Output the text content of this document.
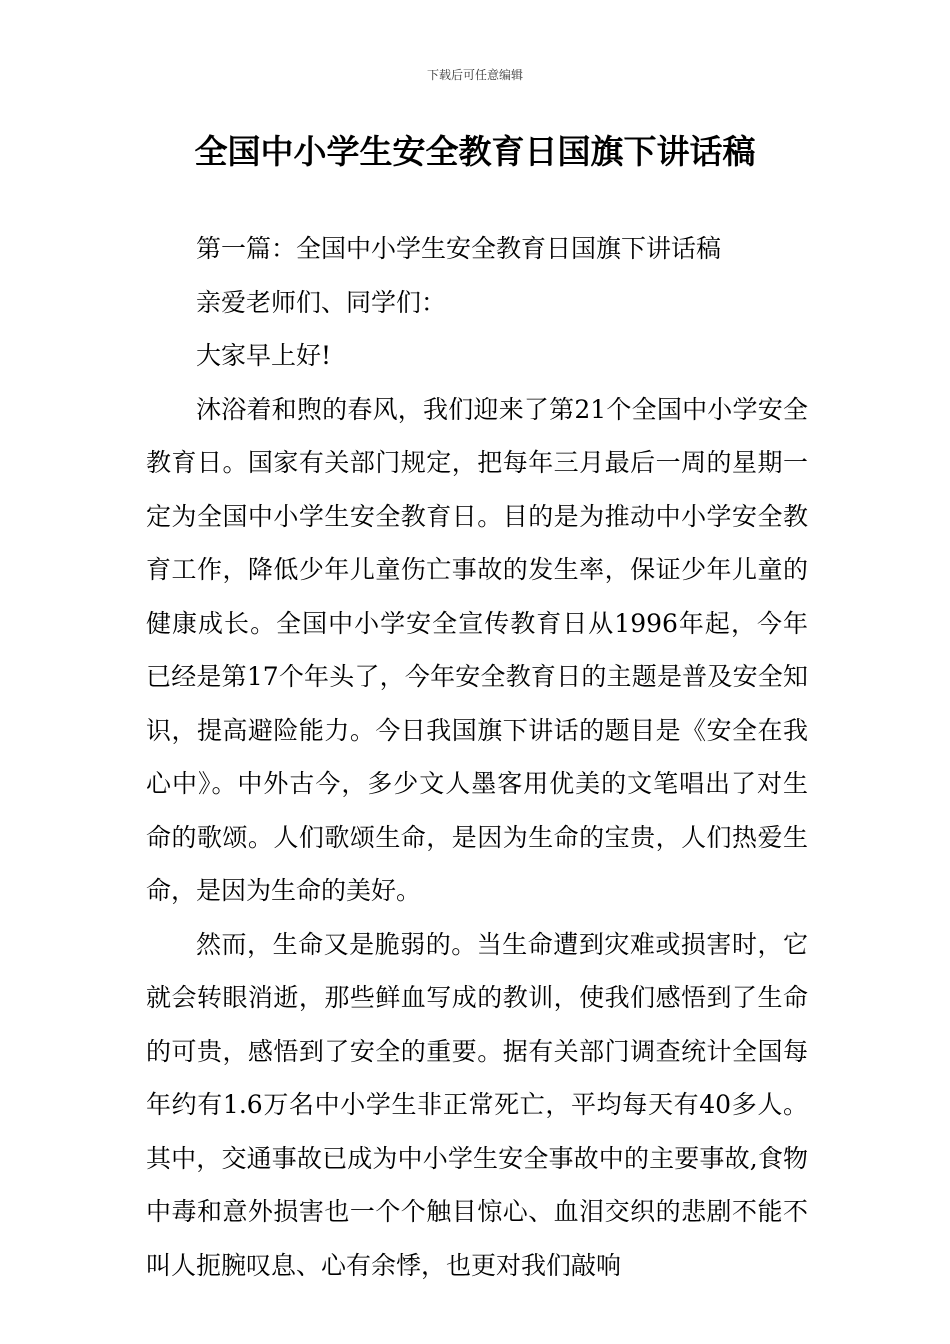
下载后可任意编辑
全国中小学生安全教育日国旗下讲话稿

第一篇：全国中小学生安全教育日国旗下讲话稿

亲爱老师们、同学们：

大家早上好!

沐浴着和煦的春风，我们迎来了第21个全国中小学安全教育日。国家有关部门规定，把每年三月最后一周的星期一定为全国中小学生安全教育日。目的是为推动中小学安全教育工作，降低少年儿童伤亡事故的发生率，保证少年儿童的健康成长。全国中小学安全宣传教育日从1996年起，今年已经是第17个年头了，今年安全教育日的主题是普及安全知识，提高避险能力。今日我国旗下讲话的题目是《安全在我心中》。中外古今，多少文人墨客用优美的文笔唱出了对生命的歌颂。人们歌颂生命，是因为生命的宝贵，人们热爱生命，是因为生命的美好。

然而，生命又是脆弱的。当生命遭到灾难或损害时，它就会转眼消逝，那些鲜血写成的教训，使我们感悟到了生命的可贵，感悟到了安全的重要。据有关部门调查统计全国每年约有1.6万名中小学生非正常死亡，平均每天有40多人。其中，交通事故已成为中小学生安全事故中的主要事故,食物中毒和意外损害也一个个触目惊心、血泪交织的悲剧不能不叫人扼腕叹息、心有余悸，也更对我们敲响
